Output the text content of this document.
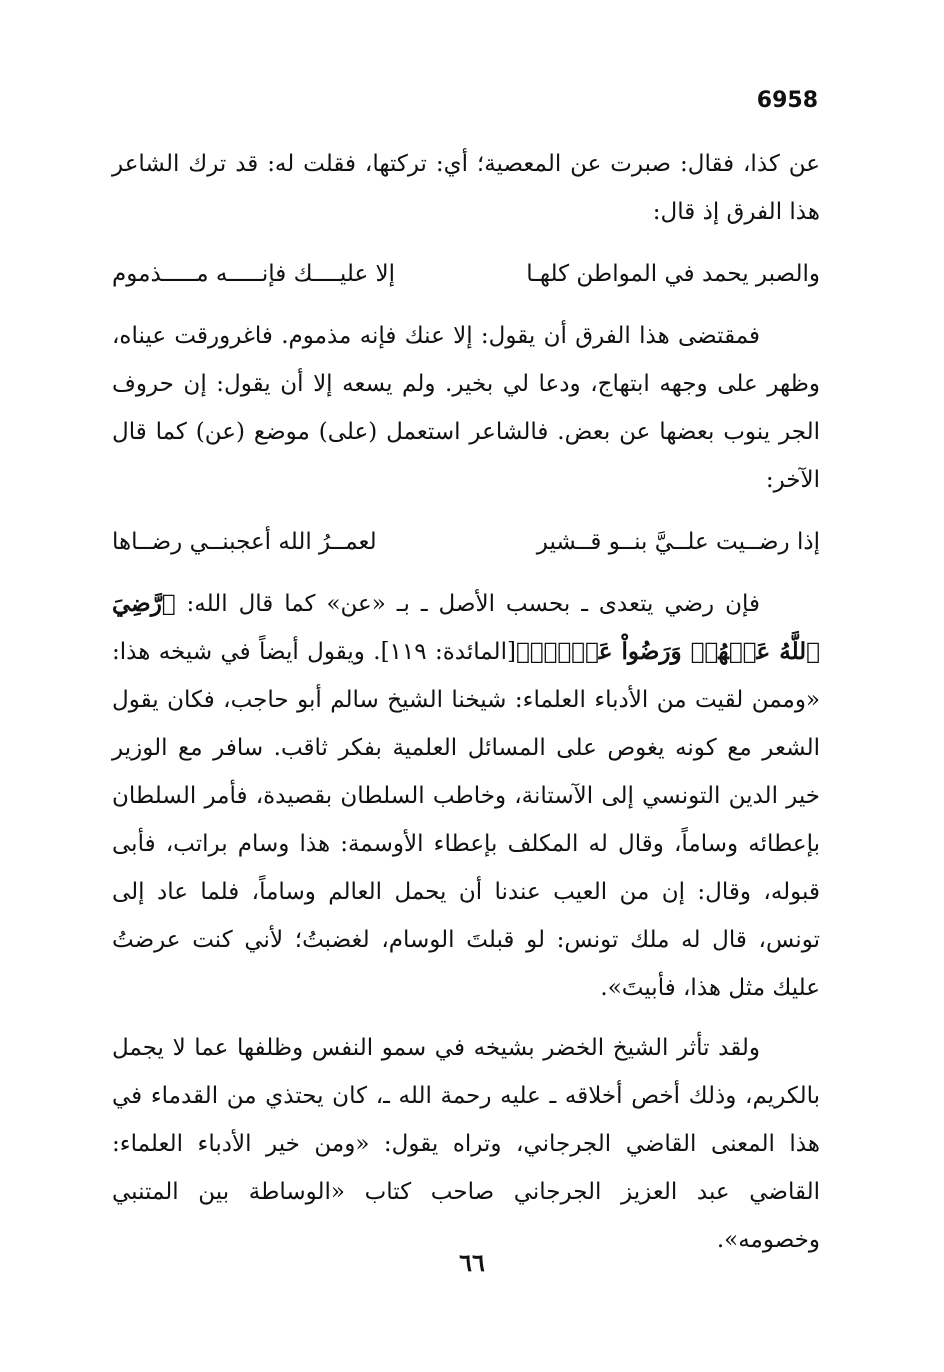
6958

عن كذا، فقال: صبرت عن المعصية؛ أي: تركتها، فقلت له: قد ترك الشاعر هذا الفرق إذ قال:

والصبر يحمد في المواطن كلهـا
إلا عليــــك فإنـــــه مـــــذموم

فمقتضى هذا الفرق أن يقول: إلا عنك فإنه مذموم. فاغرورقت عيناه، وظهر على وجهه ابتهاج، ودعا لي بخير. ولم يسعه إلا أن يقول: إن حروف الجر ينوب بعضها عن بعض. فالشاعر استعمل (على) موضع (عن) كما قال الآخر:

إذا رضــيت علــيَّ بنــو قــشير
لعمــرُ الله أعجبنــي رضــاها

فإن رضي يتعدى ـ بحسب الأصل ـ بـ «عن» كما قال الله: ﴿رَّضِيَ ٱللَّهُ عَنۡهُمۡ وَرَضُواْ عَنۡهُۚ﴾[المائدة: ١١٩]. ويقول أيضاً في شيخه هذا: «وممن لقيت من الأدباء العلماء: شيخنا الشيخ سالم أبو حاجب، فكان يقول الشعر مع كونه يغوص على المسائل العلمية بفكر ثاقب. سافر مع الوزير خير الدين التونسي إلى الآستانة، وخاطب السلطان بقصيدة، فأمر السلطان بإعطائه وساماً، وقال له المكلف بإعطاء الأوسمة: هذا وسام براتب، فأبى قبوله، وقال: إن من العيب عندنا أن يحمل العالم وساماً، فلما عاد إلى تونس، قال له ملك تونس: لو قبلتَ الوسام، لغضبتُ؛ لأني كنت عرضتُ عليك مثل هذا، فأبيتَ».

ولقد تأثر الشيخ الخضر بشيخه في سمو النفس وظلفها عما لا يجمل بالكريم، وذلك أخص أخلاقه ـ عليه رحمة الله ـ، كان يحتذي من القدماء في هذا المعنى القاضي الجرجاني، وتراه يقول: «ومن خير الأدباء العلماء: القاضي عبد العزيز الجرجاني صاحب كتاب «الوساطة بين المتنبي وخصومه».

٦٦
